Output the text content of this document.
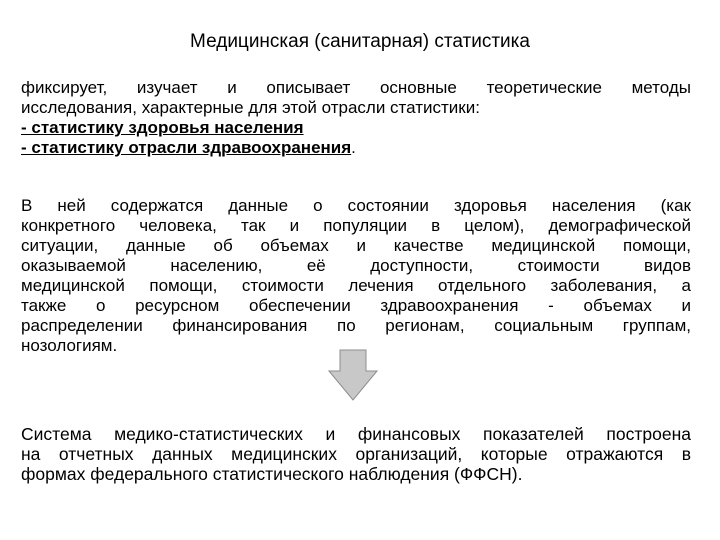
Медицинская (санитарная) статистика
фиксирует, изучает и описывает основные теоретические методы
исследования, характерные для этой отрасли статистики:
- статистику здоровья населения
- статистику отрасли здравоохранения.
В ней содержатся данные о состоянии здоровья населения (как
конкретного человека, так и популяции в целом), демографической
ситуации, данные об объемах и качестве медицинской помощи,
оказываемой населению, её доступности, стоимости видов
медицинской помощи, стоимости лечения отдельного заболевания, а
также о ресурсном обеспечении здравоохранения - объемах и
распределении финансирования по регионам, социальным группам,
нозологиям.
Система медико-статистических и финансовых показателей построена
на отчетных данных медицинских организаций, которые отражаются в
формах федерального статистического наблюдения (ФФСН).
